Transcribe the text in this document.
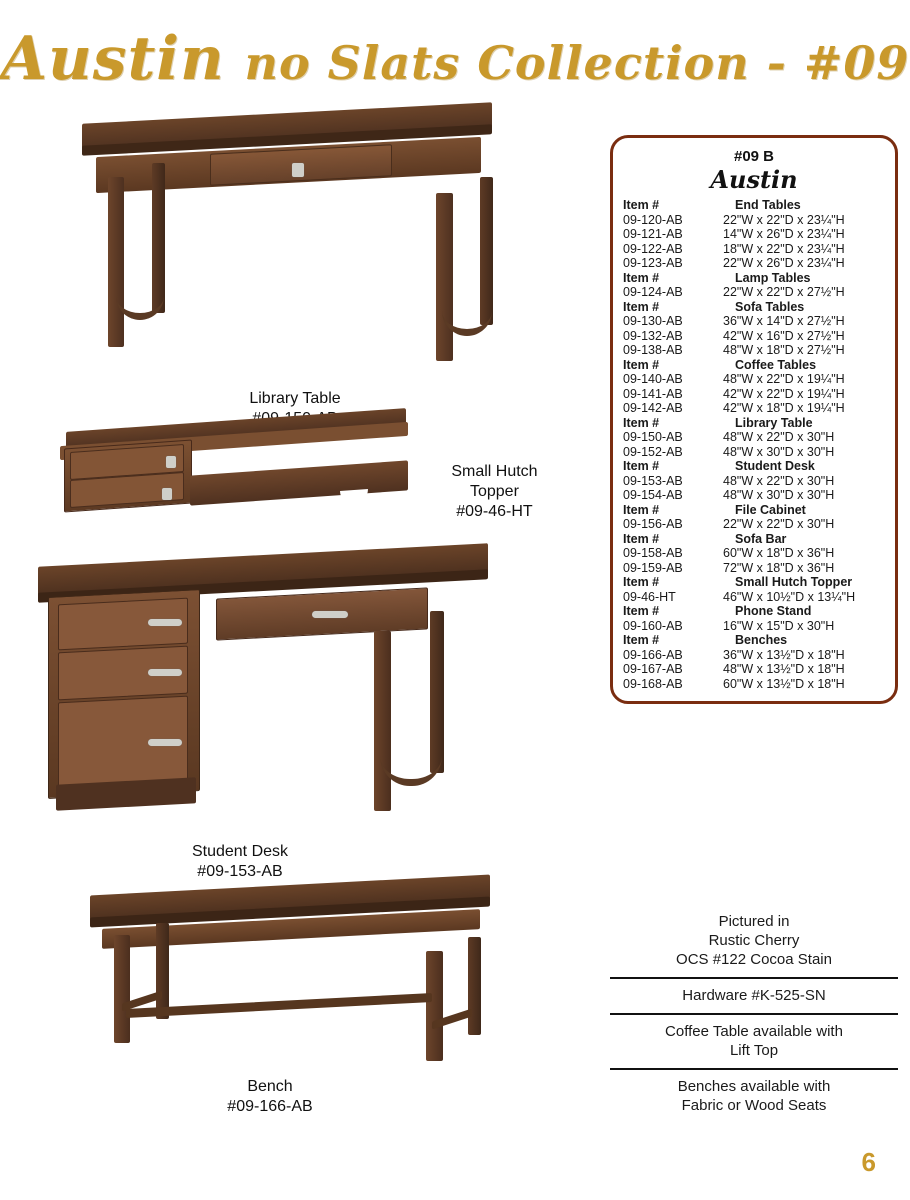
Austin no Slats Collection - #09
Library Table

Small Hutch
Topper
#09-46-HT
Student Desk
#09-153-AB
Bench
#09-166-AB
#09 B
Austin
Item #	End Tables
09-120-AB	22"W x 22"D x 23¼"H
09-121-AB	14"W x 26"D x 23¼"H
09-122-AB	18"W x 22"D x 23¼"H
09-123-AB	22"W x 26"D x 23¼"H
Item #	Lamp Tables
09-124-AB	22"W x 22"D x 27½"H
Item #	Sofa Tables
09-130-AB	36"W x 14"D x 27½"H
09-132-AB	42"W x 16"D x 27½"H
09-138-AB	48"W x 18"D x 27½"H
Item #	Coffee Tables
09-140-AB	48"W x 22"D x 19¼"H
09-141-AB	42"W x 22"D x 19¼"H
09-142-AB	42"W x 18"D x 19¼"H
Item #	Library Table
09-150-AB	48"W x 22"D x 30"H
09-152-AB	48"W x 30"D x 30"H
Item #	Student Desk
09-153-AB	48"W x 22"D x 30"H
09-154-AB	48"W x 30"D x 30"H
Item #	File Cabinet
09-156-AB	22"W x 22"D x 30"H
Item #	Sofa Bar
09-158-AB	60"W x 18"D x 36"H
09-159-AB	72"W x 18"D x 36"H
Item #	Small Hutch Topper
09-46-HT	46"W x 10½"D x 13¼"H
Item #	Phone Stand
09-160-AB	16"W x 15"D x 30"H
Item #	Benches
09-166-AB	36"W x 13½"D x 18"H
09-167-AB	48"W x 13½"D x 18"H
09-168-AB	60"W x 13½"D x 18"H
Pictured in
Rustic Cherry
OCS #122 Cocoa Stain
Hardware #K-525-SN
Coffee Table available with
Lift Top
Benches available with
Fabric or Wood Seats
6
